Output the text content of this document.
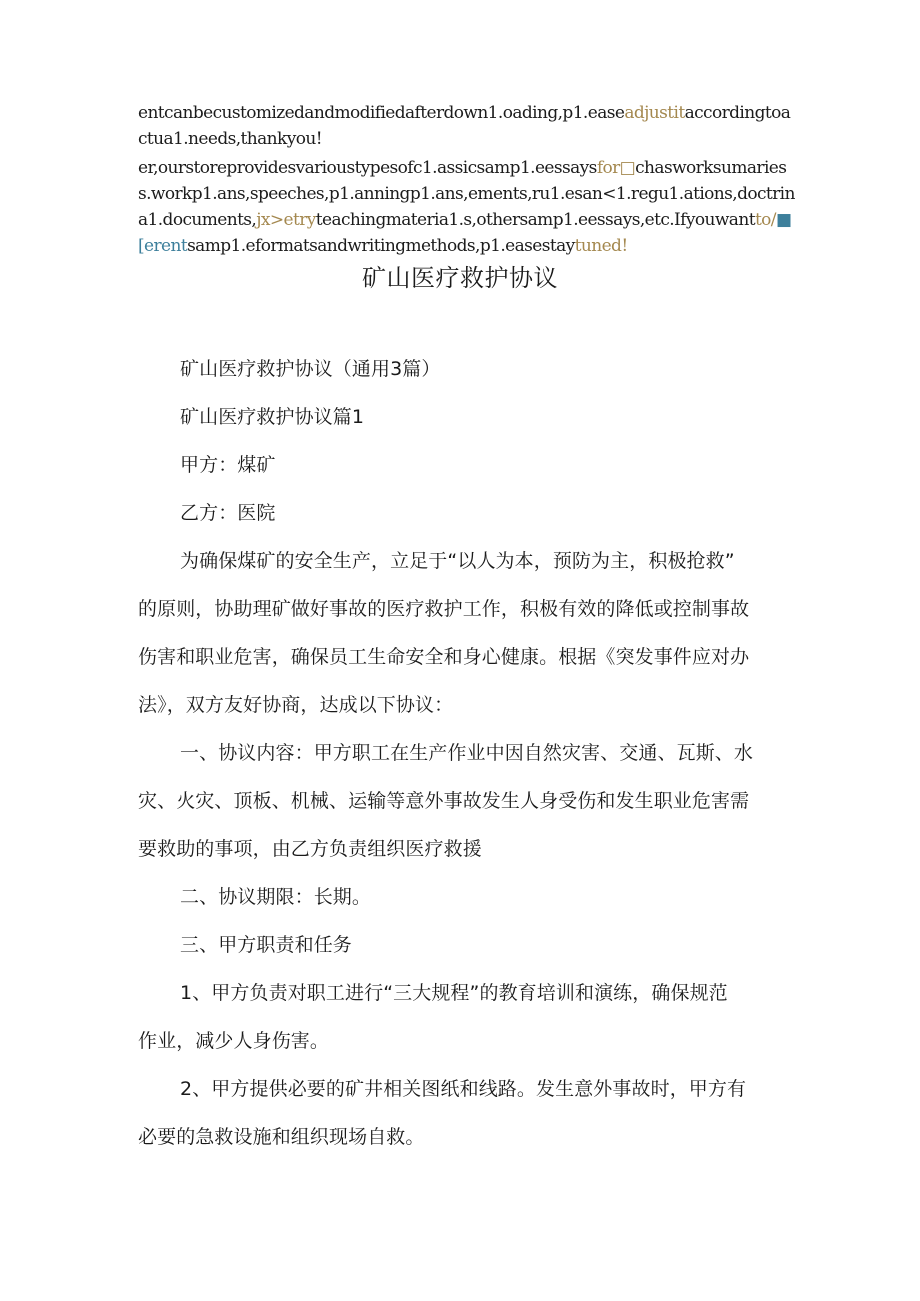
entcanbecustomizedandmodifiedafterdown1.oading,p1.easeadjustitaccordingtoa
ctua1.needs,thankyou!
er,ourstoreprovidesvarioustypesofc1.assicsamp1.eessaysfor□chasworksumaries
s.workp1.ans,speeches,p1.anningp1.ans,ements,ru1.esan<1.regu1.ations,doctrin
a1.documents,jx>etryteachingmateria1.s,othersamp1.eessays,etc.Ifyouwantto/■
[erentsamp1.eformatsandwritingmethods,p1.easestaytuned!
矿山医疗救护协议
矿山医疗救护协议（通用3篇）
矿山医疗救护协议篇1
甲方：煤矿
乙方：医院
为确保煤矿的安全生产，立足于“以人为本，预防为主，积极抢救”
的原则，协助理矿做好事故的医疗救护工作，积极有效的降低或控制事故
伤害和职业危害，确保员工生命安全和身心健康。根据《突发事件应对办
法》，双方友好协商，达成以下协议：
一、协议内容：甲方职工在生产作业中因自然灾害、交通、瓦斯、水
灾、火灾、顶板、机械、运输等意外事故发生人身受伤和发生职业危害需
要救助的事项，由乙方负责组织医疗救援
二、协议期限：长期。
三、甲方职责和任务
1、甲方负责对职工进行“三大规程”的教育培训和演练，确保规范
作业，减少人身伤害。
2、甲方提供必要的矿井相关图纸和线路。发生意外事故时，甲方有
必要的急救设施和组织现场自救。
